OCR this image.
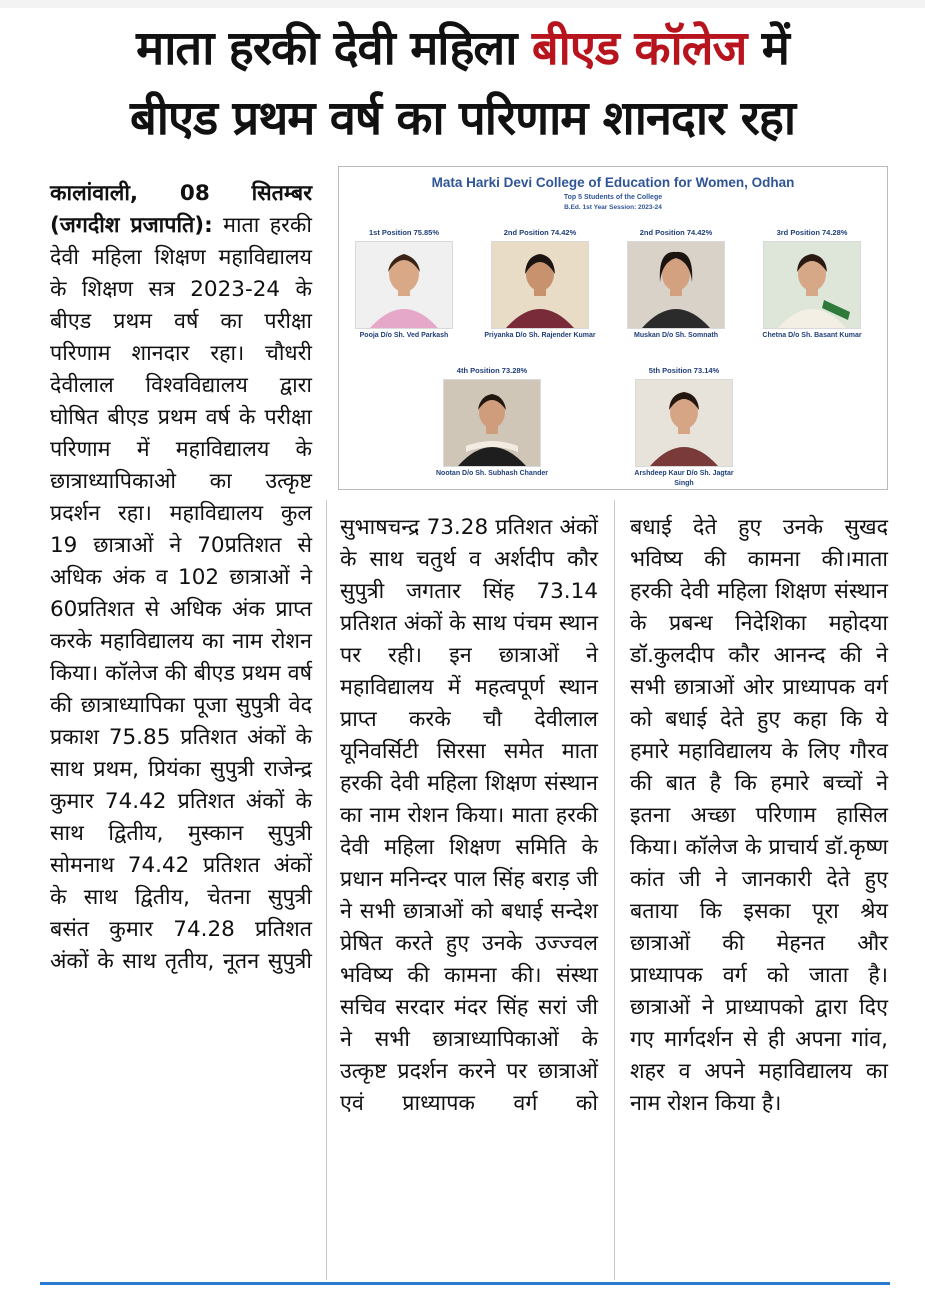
माता हरकी देवी महिला बीएड कॉलेज में
बीएड प्रथम वर्ष का परिणाम शानदार रहा

कालांवाली, 08 सितम्बर (जगदीश प्रजापति): माता हरकी देवी महिला शिक्षण महाविद्यालय के शिक्षण सत्र 2023-24 के बीएड प्रथम वर्ष का परीक्षा परिणाम शानदार रहा। चौधरी देवीलाल विश्वविद्यालय द्वारा घोषित बीएड प्रथम वर्ष के परीक्षा परिणाम में महाविद्यालय के छात्राध्यापिकाओ का उत्कृष्ट प्रदर्शन रहा। महाविद्यालय कुल 19 छात्राओं ने 70प्रतिशत से अधिक अंक व 102 छात्राओं ने 60प्रतिशत से अधिक अंक प्राप्त करके महाविद्यालय का नाम रोशन किया। कॉलेज की बीएड प्रथम वर्ष की छात्राध्यापिका पूजा सुपुत्री वेद प्रकाश 75.85 प्रतिशत अंकों के साथ प्रथम, प्रियंका सुपुत्री राजेन्द्र कुमार 74.42 प्रतिशत अंकों के साथ द्वितीय, मुस्कान सुपुत्री सोमनाथ 74.42 प्रतिशत अंकों के साथ द्वितीय, चेतना सुपुत्री बसंत कुमार 74.28 प्रतिशत अंकों के साथ तृतीय, नूतन सुपुत्री

Mata Harki Devi College of Education for Women, Odhan
Top 5 Students of the College
B.Ed. 1st Year Session: 2023-24
1st Position 75.85%
Pooja D/o Sh. Ved Parkash
2nd Position 74.42%
Priyanka D/o Sh. Rajender Kumar
2nd Position 74.42%
Muskan D/o Sh. Somnath
3rd Position 74.28%
Chetna D/o Sh. Basant Kumar
4th Position 73.28%
Nootan D/o Sh. Subhash Chander
5th Position 73.14%
Arshdeep Kaur D/o Sh. Jagtar Singh

सुभाषचन्द्र 73.28 प्रतिशत अंकों के साथ चतुर्थ व अर्शदीप कौर सुपुत्री जगतार सिंह 73.14 प्रतिशत अंकों के साथ पंचम स्थान पर रही। इन छात्राओं ने महाविद्यालय में महत्वपूर्ण स्थान प्राप्त करके चौ देवीलाल यूनिवर्सिटी सिरसा समेत माता हरकी देवी महिला शिक्षण संस्थान का नाम रोशन किया। माता हरकी देवी महिला शिक्षण समिति के प्रधान मनिन्दर पाल सिंह बराड़ जी ने सभी छात्राओं को बधाई सन्देश प्रेषित करते हुए उनके उज्ज्वल भविष्य की कामना की। संस्था सचिव सरदार मंदर सिंह सरां जी ने सभी छात्राध्यापिकाओं के उत्कृष्ट प्रदर्शन करने पर छात्राओं एवं प्राध्यापक वर्ग को

बधाई देते हुए उनके सुखद भविष्य की कामना की।माता हरकी देवी महिला शिक्षण संस्थान के प्रबन्ध निदेशिका महोदया डॉ.कुलदीप कौर आनन्द की ने सभी छात्राओं ओर प्राध्यापक वर्ग को बधाई देते हुए कहा कि ये हमारे महाविद्यालय के लिए गौरव की बात है कि हमारे बच्चों ने इतना अच्छा परिणाम हासिल किया। कॉलेज के प्राचार्य डॉ.कृष्ण कांत जी ने जानकारी देते हुए बताया कि इसका पूरा श्रेय छात्राओं की मेहनत और प्राध्यापक वर्ग को जाता है। छात्राओं ने प्राध्यापको द्वारा दिए गए मार्गदर्शन से ही अपना गांव, शहर व अपने महाविद्यालय का नाम रोशन किया है।
